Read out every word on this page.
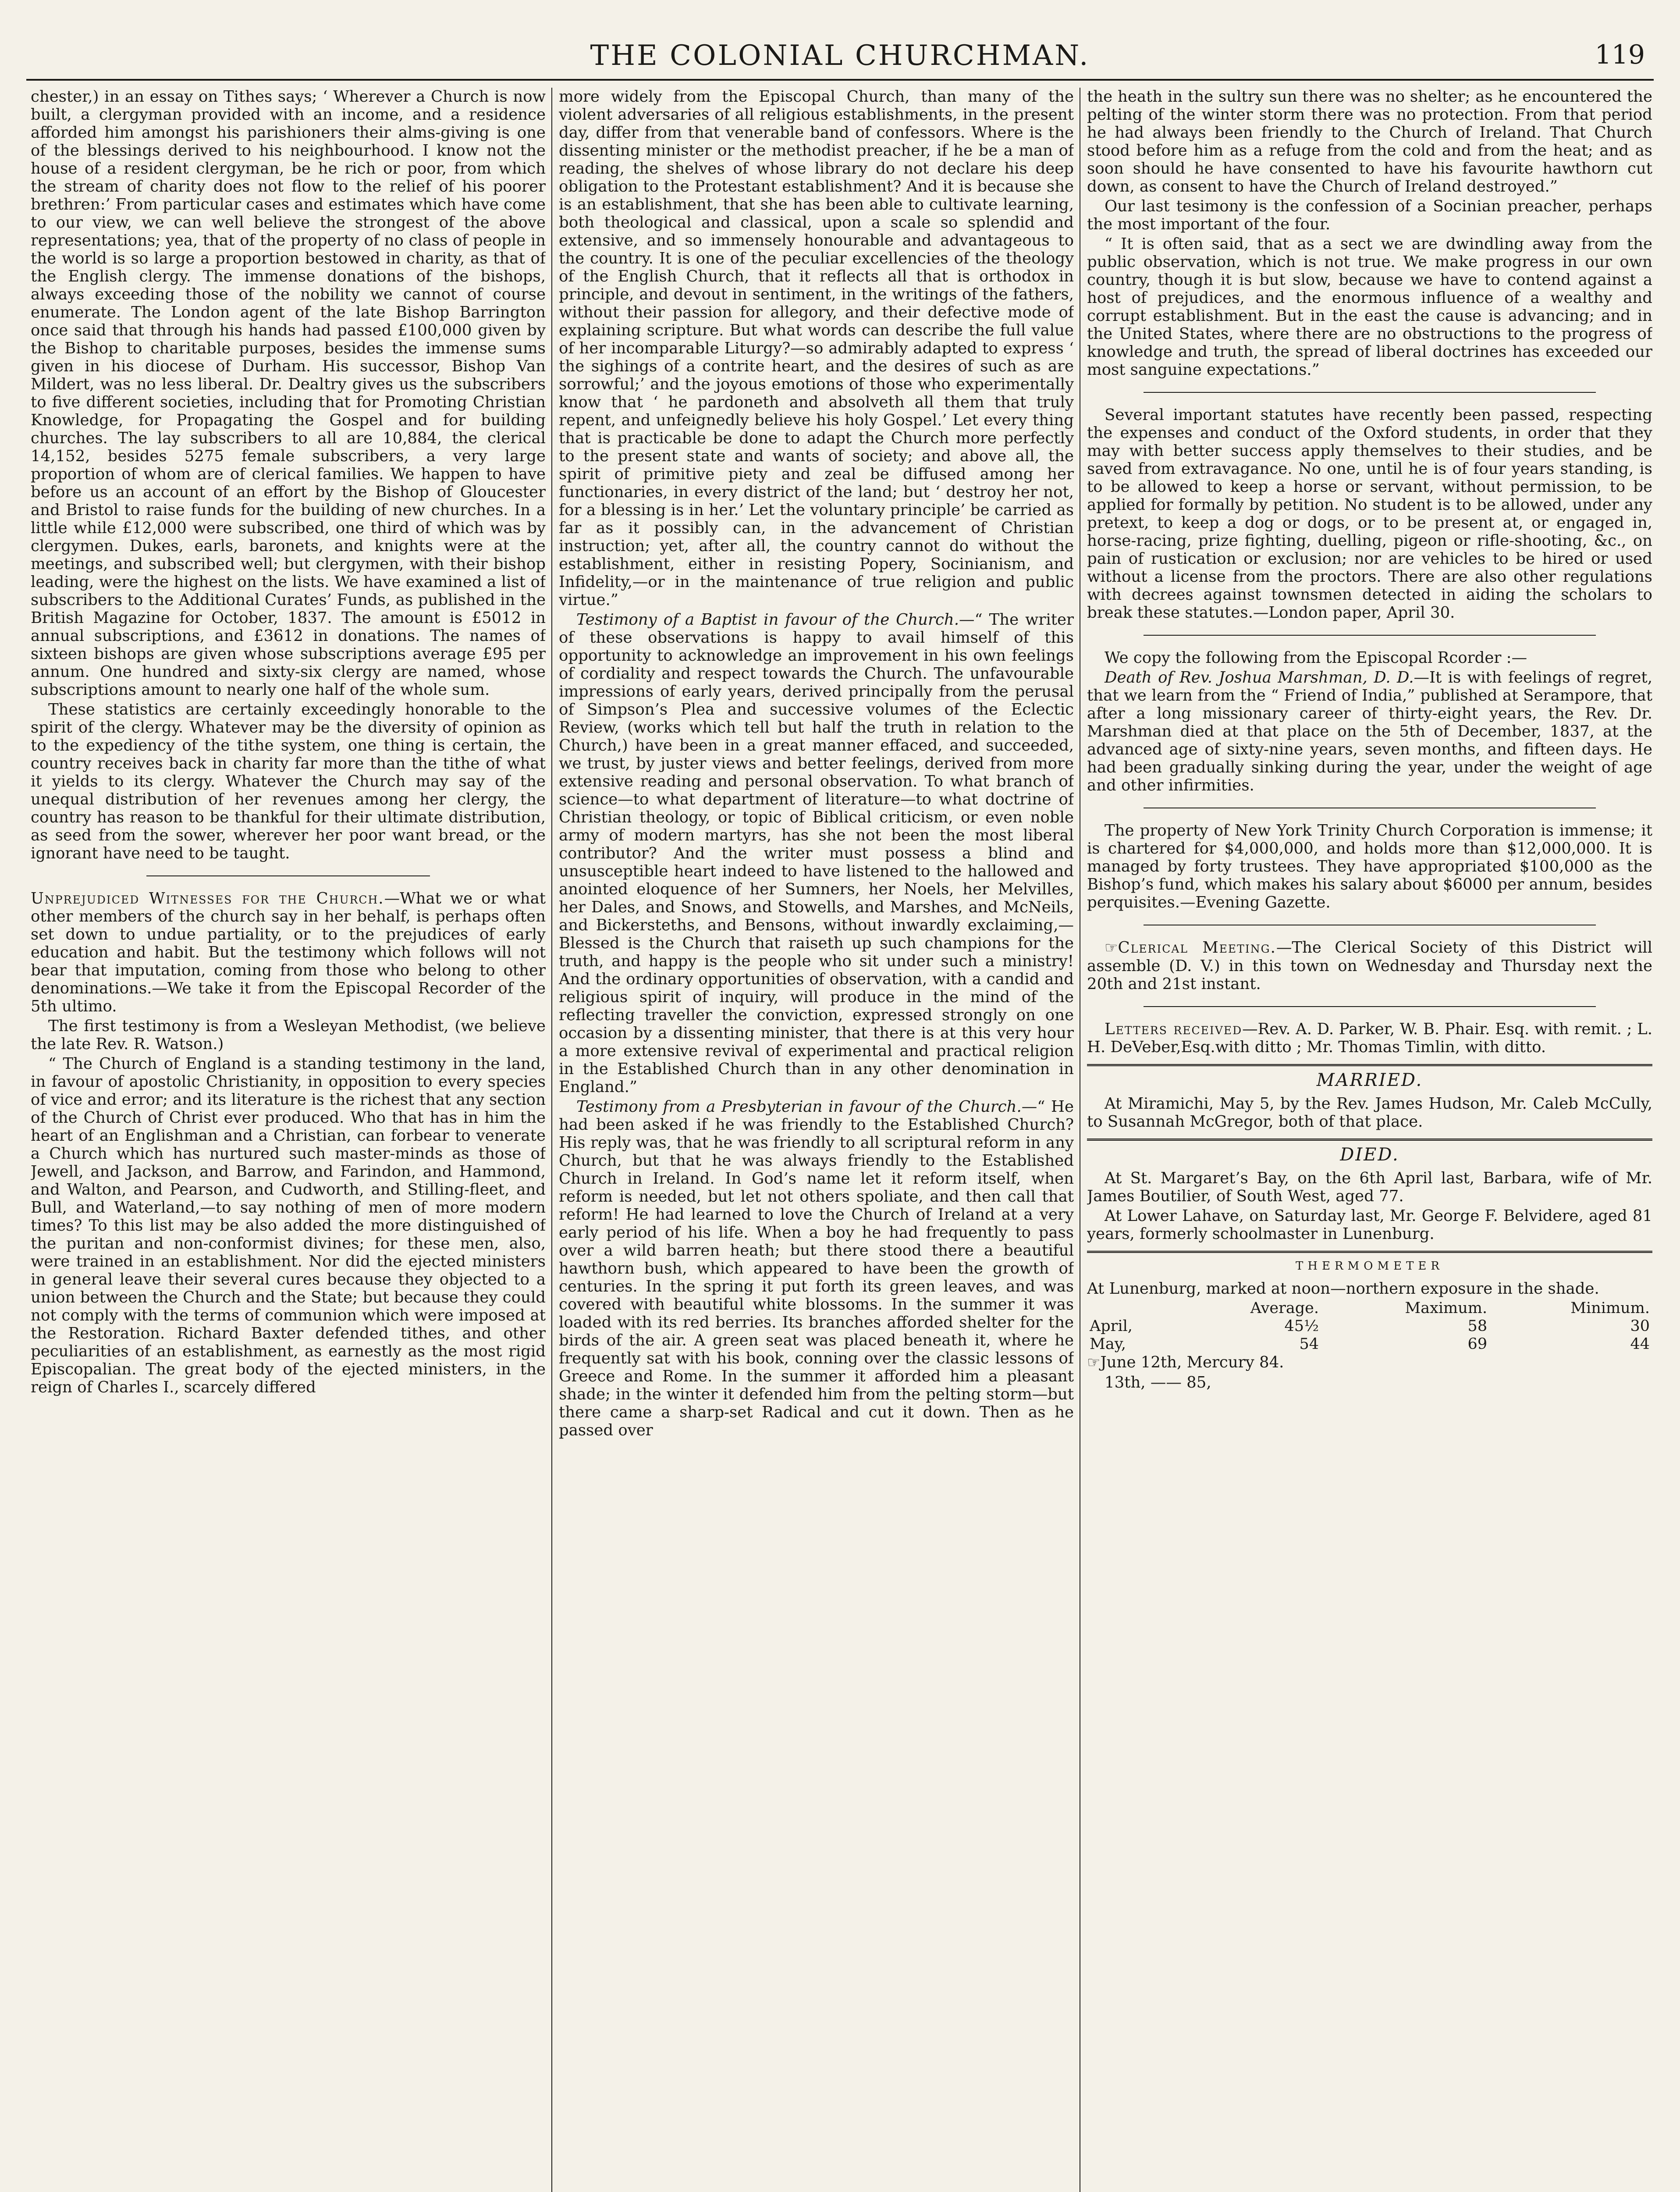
THE COLONIAL CHURCHMAN.	119

chester,) in an essay on Tithes says; ‘ Wherever a Church is now built, a clergyman provided with an income, and a residence afforded him amongst his parishioners their alms-giving is one of the blessings derived to his neighbourhood. I know not the house of a resident clergyman, be he rich or poor, from which the stream of charity does not flow to the relief of his poorer brethren:’ From particular cases and estimates which have come to our view, we can well believe the strongest of the above representations; yea, that of the property of no class of people in the world is so large a proportion bestowed in charity, as that of the English clergy. The immense donations of the bishops, always exceeding those of the nobility we cannot of course enumerate. The London agent of the late Bishop Barrington once said that through his hands had passed £100,000 given by the Bishop to charitable purposes, besides the immense sums given in his diocese of Durham. His successor, Bishop Van Mildert, was no less liberal. Dr. Dealtry gives us the subscribers to five different societies, including that for Promoting Christian Knowledge, for Propagating the Gospel and for building churches. The lay subscribers to all are 10,884, the clerical 14,152, besides 5275 female subscribers, a very large proportion of whom are of clerical families. We happen to have before us an account of an effort by the Bishop of Gloucester and Bristol to raise funds for the building of new churches. In a little while £12,000 were subscribed, one third of which was by clergymen. Dukes, earls, baronets, and knights were at the meetings, and subscribed well; but clergymen, with their bishop leading, were the highest on the lists. We have examined a list of subscribers to the Additional Curates’ Funds, as published in the British Magazine for October, 1837. The amount is £5012 in annual subscriptions, and £3612 in donations. The names of sixteen bishops are given whose subscriptions average £95 per annum. One hundred and sixty-six clergy are named, whose subscriptions amount to nearly one half of the whole sum.

These statistics are certainly exceedingly honorable to the spirit of the clergy. Whatever may be the diversity of opinion as to the expediency of the tithe system, one thing is certain, the country receives back in charity far more than the tithe of what it yields to its clergy. Whatever the Church may say of the unequal distribution of her revenues among her clergy, the country has reason to be thankful for their ultimate distribution, as seed from the sower, wherever her poor want bread, or the ignorant have need to be taught.

Unprejudiced Witnesses for the Church.—What we or what other members of the church say in her behalf, is perhaps often set down to undue partiality, or to the prejudices of early education and habit. But the testimony which follows will not bear that imputation, coming from those who belong to other denominations.—We take it from the Episcopal Recorder of the 5th ultimo.

The first testimony is from a Wesleyan Methodist, (we believe the late Rev. R. Watson.)

“ The Church of England is a standing testimony in the land, in favour of apostolic Christianity, in opposition to every species of vice and error; and its literature is the richest that any section of the Church of Christ ever produced. Who that has in him the heart of an Englishman and a Christian, can forbear to venerate a Church which has nurtured such master-minds as those of Jewell, and Jackson, and Barrow, and Farindon, and Hammond, and Walton, and Pearson, and Cudworth, and Stilling-fleet, and Bull, and Waterland,—to say nothing of men of more modern times? To this list may be also added the more distinguished of the puritan and non-conformist divines; for these men, also, were trained in an establishment. Nor did the ejected ministers in general leave their several cures because they objected to a union between the Church and the State; but because they could not comply with the terms of communion which were imposed at the Restoration. Richard Baxter defended tithes, and other peculiarities of an establishment, as earnestly as the most rigid Episcopalian. The great body of the ejected ministers, in the reign of Charles I., scarcely differed

more widely from the Episcopal Church, than many of the violent adversaries of all religious establishments, in the present day, differ from that venerable band of confessors. Where is the dissenting minister or the methodist preacher, if he be a man of reading, the shelves of whose library do not declare his deep obligation to the Protestant establishment? And it is because she is an establishment, that she has been able to cultivate learning, both theological and classical, upon a scale so splendid and extensive, and so immensely honourable and advantageous to the country. It is one of the peculiar excellencies of the theology of the English Church, that it reflects all that is orthodox in principle, and devout in sentiment, in the writings of the fathers, without their passion for allegory, and their defective mode of explaining scripture. But what words can describe the full value of her incomparable Liturgy?—so admirably adapted to express ‘ the sighings of a contrite heart, and the desires of such as are sorrowful;’ and the joyous emotions of those who experimentally know that ‘ he pardoneth and absolveth all them that truly repent, and unfeignedly believe his holy Gospel.’ Let every thing that is practicable be done to adapt the Church more perfectly to the present state and wants of society; and above all, the spirit of primitive piety and zeal be diffused among her functionaries, in every district of the land; but ‘ destroy her not, for a blessing is in her.’ Let the voluntary principle’ be carried as far as it possibly can, in the advancement of Christian instruction; yet, after all, the country cannot do without the establishment, either in resisting Popery, Socinianism, and Infidelity,—or in the maintenance of true religion and public virtue.”

Testimony of a Baptist in favour of the Church.—“ The writer of these observations is happy to avail himself of this opportunity to acknowledge an improvement in his own feelings of cordiality and respect towards the Church. The unfavourable impressions of early years, derived principally from the perusal of Simpson’s Plea and successive volumes of the Eclectic Review, (works which tell but half the truth in relation to the Church,) have been in a great manner effaced, and succeeded, we trust, by juster views and better feelings, derived from more extensive reading and personal observation. To what branch of science—to what department of literature—to what doctrine of Christian theology, or topic of Biblical criticism, or even noble army of modern martyrs, has she not been the most liberal contributor? And the writer must possess a blind and unsusceptible heart indeed to have listened to the hallowed and anointed eloquence of her Sumners, her Noels, her Melvilles, her Dales, and Snows, and Stowells, and Marshes, and McNeils, and Bickersteths, and Bensons, without inwardly exclaiming,—Blessed is the Church that raiseth up such champions for the truth, and happy is the people who sit under such a ministry! And the ordinary opportunities of observation, with a candid and religious spirit of inquiry, will produce in the mind of the reflecting traveller the conviction, expressed strongly on one occasion by a dissenting minister, that there is at this very hour a more extensive revival of experimental and practical religion in the Established Church than in any other denomination in England.”

Testimony from a Presbyterian in favour of the Church.—“ He had been asked if he was friendly to the Established Church? His reply was, that he was friendly to all scriptural reform in any Church, but that he was always friendly to the Established Church in Ireland. In God’s name let it reform itself, when reform is needed, but let not others spoliate, and then call that reform! He had learned to love the Church of Ireland at a very early period of his life. When a boy he had frequently to pass over a wild barren heath; but there stood there a beautiful hawthorn bush, which appeared to have been the growth of centuries. In the spring it put forth its green leaves, and was covered with beautiful white blossoms. In the summer it was loaded with its red berries. Its branches afforded shelter for the birds of the air. A green seat was placed beneath it, where he frequently sat with his book, conning over the classic lessons of Greece and Rome. In the summer it afforded him a pleasant shade; in the winter it defended him from the pelting storm—but there came a sharp-set Radical and cut it down. Then as he passed over

the heath in the sultry sun there was no shelter; as he encountered the pelting of the winter storm there was no protection. From that period he had always been friendly to the Church of Ireland. That Church stood before him as a refuge from the cold and from the heat; and as soon should he have consented to have his favourite hawthorn cut down, as consent to have the Church of Ireland destroyed.”

Our last tesimony is the confession of a Socinian preacher, perhaps the most important of the four.

“ It is often said, that as a sect we are dwindling away from the public observation, which is not true. We make progress in our own country, though it is but slow, because we have to contend against a host of prejudices, and the enormous influence of a wealthy and corrupt establishment. But in the east the cause is advancing; and in the United States, where there are no obstructions to the progress of knowledge and truth, the spread of liberal doctrines has exceeded our most sanguine expectations.”

Several important statutes have recently been passed, respecting the expenses and conduct of the Oxford students, in order that they may with better success apply themselves to their studies, and be saved from extravagance. No one, until he is of four years standing, is to be allowed to keep a horse or servant, without permission, to be applied for formally by petition. No student is to be allowed, under any pretext, to keep a dog or dogs, or to be present at, or engaged in, horse-racing, prize fighting, duelling, pigeon or rifle-shooting, &c., on pain of rustication or exclusion; nor are vehicles to be hired or used without a license from the proctors. There are also other regulations with decrees against townsmen detected in aiding the scholars to break these statutes.—London paper, April 30.

We copy the following from the Episcopal Rcorder :—

Death of Rev. Joshua Marshman, D. D.—It is with feelings of regret, that we learn from the “ Friend of India,” published at Serampore, that after a long missionary career of thirty-eight years, the Rev. Dr. Marshman died at that place on the 5th of December, 1837, at the advanced age of sixty-nine years, seven months, and fifteen days. He had been gradually sinking during the year, under the weight of age and other infirmities.

The property of New York Trinity Church Corporation is immense; it is chartered for $4,000,000, and holds more than $12,000,000. It is managed by forty trustees. They have appropriated $100,000 as the Bishop’s fund, which makes his salary about $6000 per annum, besides perquisites.—Evening Gazette.

☞Clerical Meeting.—The Clerical Society of this District will assemble (D. V.) in this town on Wednesday and Thursday next the 20th and 21st instant.

Letters received—Rev. A. D. Parker, W. B. Phair. Esq. with remit. ; L. H. DeVeber,Esq.with ditto ; Mr. Thomas Timlin, with ditto.

MARRIED.

At Miramichi, May 5, by the Rev. James Hudson, Mr. Caleb McCully, to Susannah McGregor, both of that place.

DIED.

At St. Margaret’s Bay, on the 6th April last, Barbara, wife of Mr. James Boutilier, of South West, aged 77.

At Lower Lahave, on Saturday last, Mr. George F. Belvidere, aged 81 years, formerly schoolmaster in Lunenburg.

THERMOMETER

At Lunenburg, marked at noon—northern exposure in the shade.

	Average.	Maximum.	Minimum.
April,	45½	58	30
May,	54	69	44

☞June 12th, Mercury 84.

13th, —— 85,
